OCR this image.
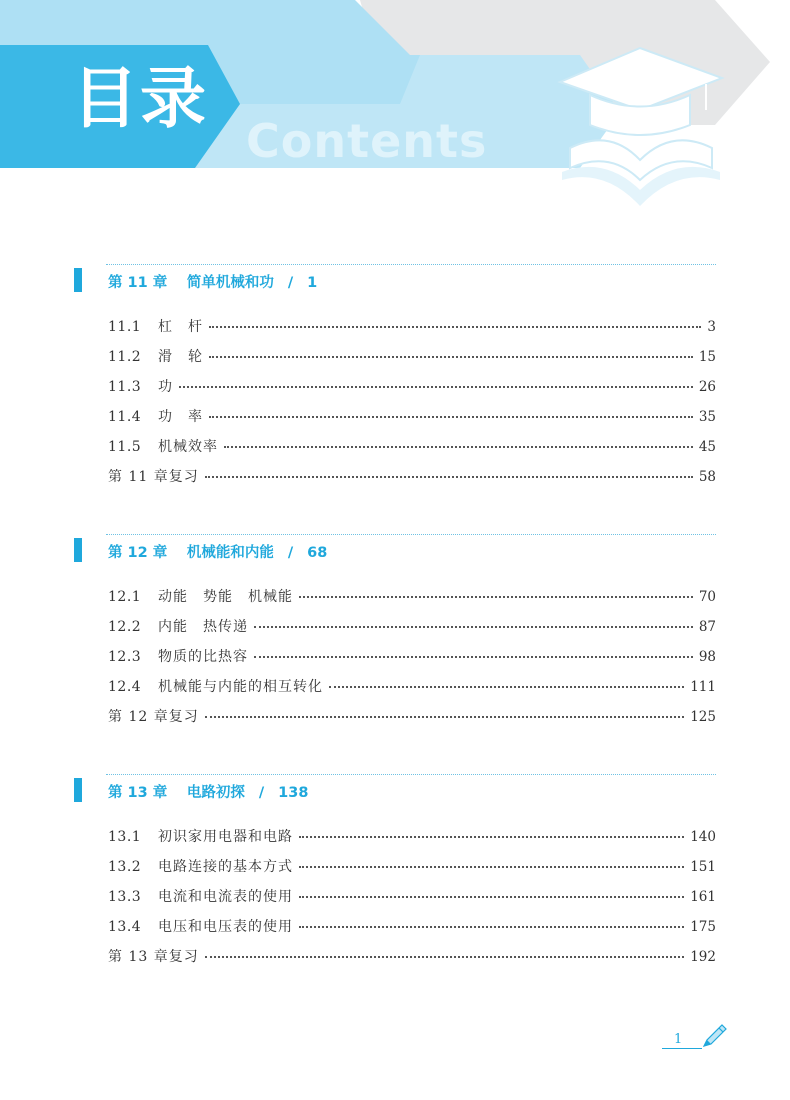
目录
Contents
第 11 章　 简单机械和功 / 1
11.1	杠　杆	3
11.2	滑　轮	15
11.3	功	26
11.4	功　率	35
11.5	机械效率	45
第 11 章复习	58
第 12 章　 机械能和内能 / 68
12.1	动能　势能　机械能	70
12.2	内能　热传递	87
12.3	物质的比热容	98
12.4	机械能与内能的相互转化	111
第 12 章复习	125
第 13 章　 电路初探 / 138
13.1	初识家用电器和电路	140
13.2	电路连接的基本方式	151
13.3	电流和电流表的使用	161
13.4	电压和电压表的使用	175
第 13 章复习	192
1
